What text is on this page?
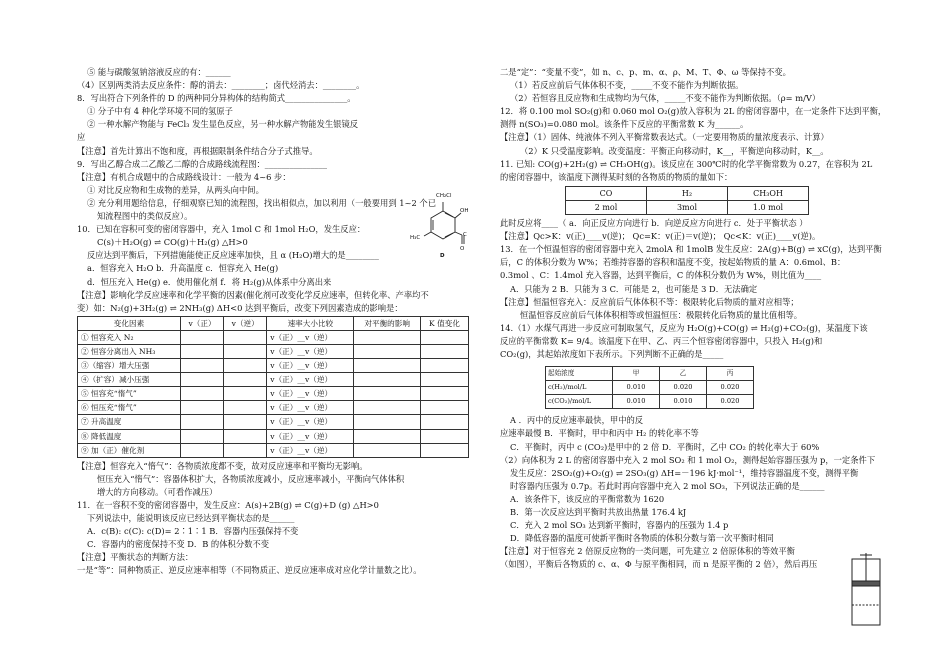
⑤ 能与碳酸氢钠溶液反应的有：______
（4）区别两类消去反应条件：醇的消去：________；卤代烃消去：________。
8．写出符合下列条件的 D 的两种同分异构体的结构简式_______________。
① 分子中有 4 种化学环境不同的氢原子
② 一种水解产物能与 FeCl₃ 发生显色反应，另一种水解产物能发生银镜反
应
【注意】首先计算出不饱和度，再根据限制条件结合分子式推导。
9．写出乙醇合成二乙酸乙二醇的合成路线流程图：_______________
【注意】有机合成题中的合成路线设计：一般为 4~6 步：
① 对比反应物和生成物的差异，从两头向中间。
② 充分利用题给信息，仔细观察已知的流程图，找出相似点，加以利用（一般要用到 1~2 个已
知流程图中的类似反应）。
10．已知在容积可变的密闭容器中，充入 1mol C 和 1mol H₂O，发生反应：
C(s)＋H₂O(g) ⇌ CO(g)＋H₂(g) △H>0
反应达到平衡后，下列措施能使正反应速率加快，且 α (H₂O)增大的是________
a．恒容充入 H₂O b．升高温度 c．恒容充入 He(g)
d．恒压充入 He(g) e．使用催化剂 f．将 H₂(g)从体系中分离出来
【注意】影响化学反应速率和化学平衡的因素(催化剂可改变化学反应速率，但转化率、产率均不
变）如：N₂(g)+3H₂(g) ⇌ 2NH₃(g) ΔH<0 达到平衡后，改变下列因素造成的影响是：
变化因素	v（正）	v（逆）	速率大小比较	对平衡的影响	K 值变化
① 恒容充入 N₂			v（正）__v（逆）		
② 恒容分离出入 NH₃			v（正）__v（逆）		
③（缩容）增大压强			v（正）__v（逆）		
④（扩容）减小压强			v（正）__v（逆）		
⑤ 恒容充“惰气”			v（正）__v（逆）		
⑥ 恒压充“惰气”			v（正）__v（逆）		
⑦ 升高温度			v（正）__v（逆）		
⑧ 降低温度			v（正）__v（逆）		
⑨ 加（正）催化剂			v（正）__v（逆）		
【注意】恒容充入“惰气”：各物质浓度都不变，故对反应速率和平衡均无影响。
恒压充入“惰气”：容器体积扩大，各物质浓度减小，反应速率减小，平衡向气体体积
增大的方向移动。（可看作减压）
11．在一容积不变的密闭容器中，发生反应：A(s)+2B(g) ⇌ C(g)+D (g) △H>0
下列说法中，能说明该反应已经达到平衡状态的是______
A．c(B): c(C): c(D)= 2∶1∶1 B．容器内压强保持不变
C．容器内的密度保持不变 D．B 的体积分数不变
【注意】平衡状态的判断方法：
一是“等”：同种物质正、逆反应速率相等（不同物质正、逆反应速率成对应化学计量数之比）。
二是“定”：“变量不变”，如 n、c、p、m、α、ρ、M、T、Φ、ω 等保持不变。
（1）若反应前后气体体积不变，_____不变不能作为判断依据。
（2）若恒容且反应物和生成物均为气体，_____不变不能作为判断依据。（ρ= m/V）
12．将 0.100 mol SO₂(g)和 0.060 mol O₂(g)放入容积为 2L 的密闭容器中，在一定条件下达到平衡，
测得 n(SO₃)=0.080 mol。该条件下反应的平衡常数 K 为______。
【注意】（1）固体、纯液体不列入平衡常数表达式。（一定要用物质的量浓度表示、计算）
（2）K 只受温度影响。改变温度：平衡正向移动时，K__，平衡逆向移动时，K__。
11. 已知: CO(g)+2H₂(g) ⇌ CH₃OH(g)。该反应在 300℃时的化学平衡常数为 0.27，在容积为 2L
的密闭容器中，该温度下测得某时刻的各物质的物质的量如下：
CO	H₂	CH₃OH
2 mol	3mol	1.0 mol
此时反应将____（ a．向正反应方向进行 b．向逆反应方向进行 c．处于平衡状态 ）
【注意】Qc>K：v(正)____v(逆)； Qc=K：v(正)＝v(逆)； Qc<K：v(正)____v(逆)。
13．在一个恒温恒容的密闭容器中充入 2molA 和 1molB 发生反应：2A(g)+B(g) ⇌ xC(g)，达到平衡
后，C 的体积分数为 W%；若维持容器的容积和温度不变，按起始物质的量 A：0.6mol、B：
0.3mol 、C：1.4mol 充入容器，达到平衡后，C 的体积分数仍为 W%，则比值为____
A．只能为 2 B．只能为 3 C．可能是 2，也可能是 3 D．无法确定
【注意】恒温恒容充入：反应前后气体体积不等：极限转化后物质的量对应相等；
恒温恒容反应前后气体体积相等或恒温恒压：极限转化后物质的量比值相等。
14.（1）水煤气再进一步反应可制取氢气，反应为 H₂O(g)+CO(g) ⇌ H₂(g)+CO₂(g)，某温度下该
反应的平衡常数 K= 9/4。该温度下在甲、乙、丙三个恒容密闭容器中，只投入 H₂(g)和
CO₂(g)，其起始浓度如下表所示。下列判断不正确的是_____
起始浓度	甲	乙	丙
c(H₂)/mol/L	0.010	0.020	0.020
c(CO₂)/mol/L	0.010	0.010	0.020
A ．丙中的反应速率最快，甲中的反
应速率最慢 B．平衡时，甲中和丙中 H₂ 的转化率不等
C．平衡时，丙中 c (CO₂)是甲中的 2 倍 D．平衡时，乙中 CO₂ 的转化率大于 60%
（2）向体积为 2 L 的密闭容器中充入 2 mol SO₂ 和 1 mol O₂，测得起始容器压强为 p，一定条件下
发生反应：2SO₂(g)+O₂(g) ⇌ 2SO₃(g) ΔH=－196 kJ·mol⁻¹，维持容器温度不变，测得平衡
时容器内压强为 0.7p。若此时再向容器中充入 2 mol SO₃，下列说法正确的是______
A．该条件下，该反应的平衡常数为 1620
B．第一次反应达到平衡时共放出热量 176.4 kJ
C．充入 2 mol SO₃ 达到新平衡时，容器内的压强为 1.4 p
D．降低容器的温度可使新平衡时各物质的体积分数与第一次平衡时相同
【注意】对于恒容充 2 倍原反应物的一类问题，可先建立 2 倍原体积的等效平衡
（如图），平衡后各物质的 c、α、Φ 与原平衡相同，而 n 是原平衡的 2 倍），然后再压
CH₂Cl
OH
C
O
H₃C
D
